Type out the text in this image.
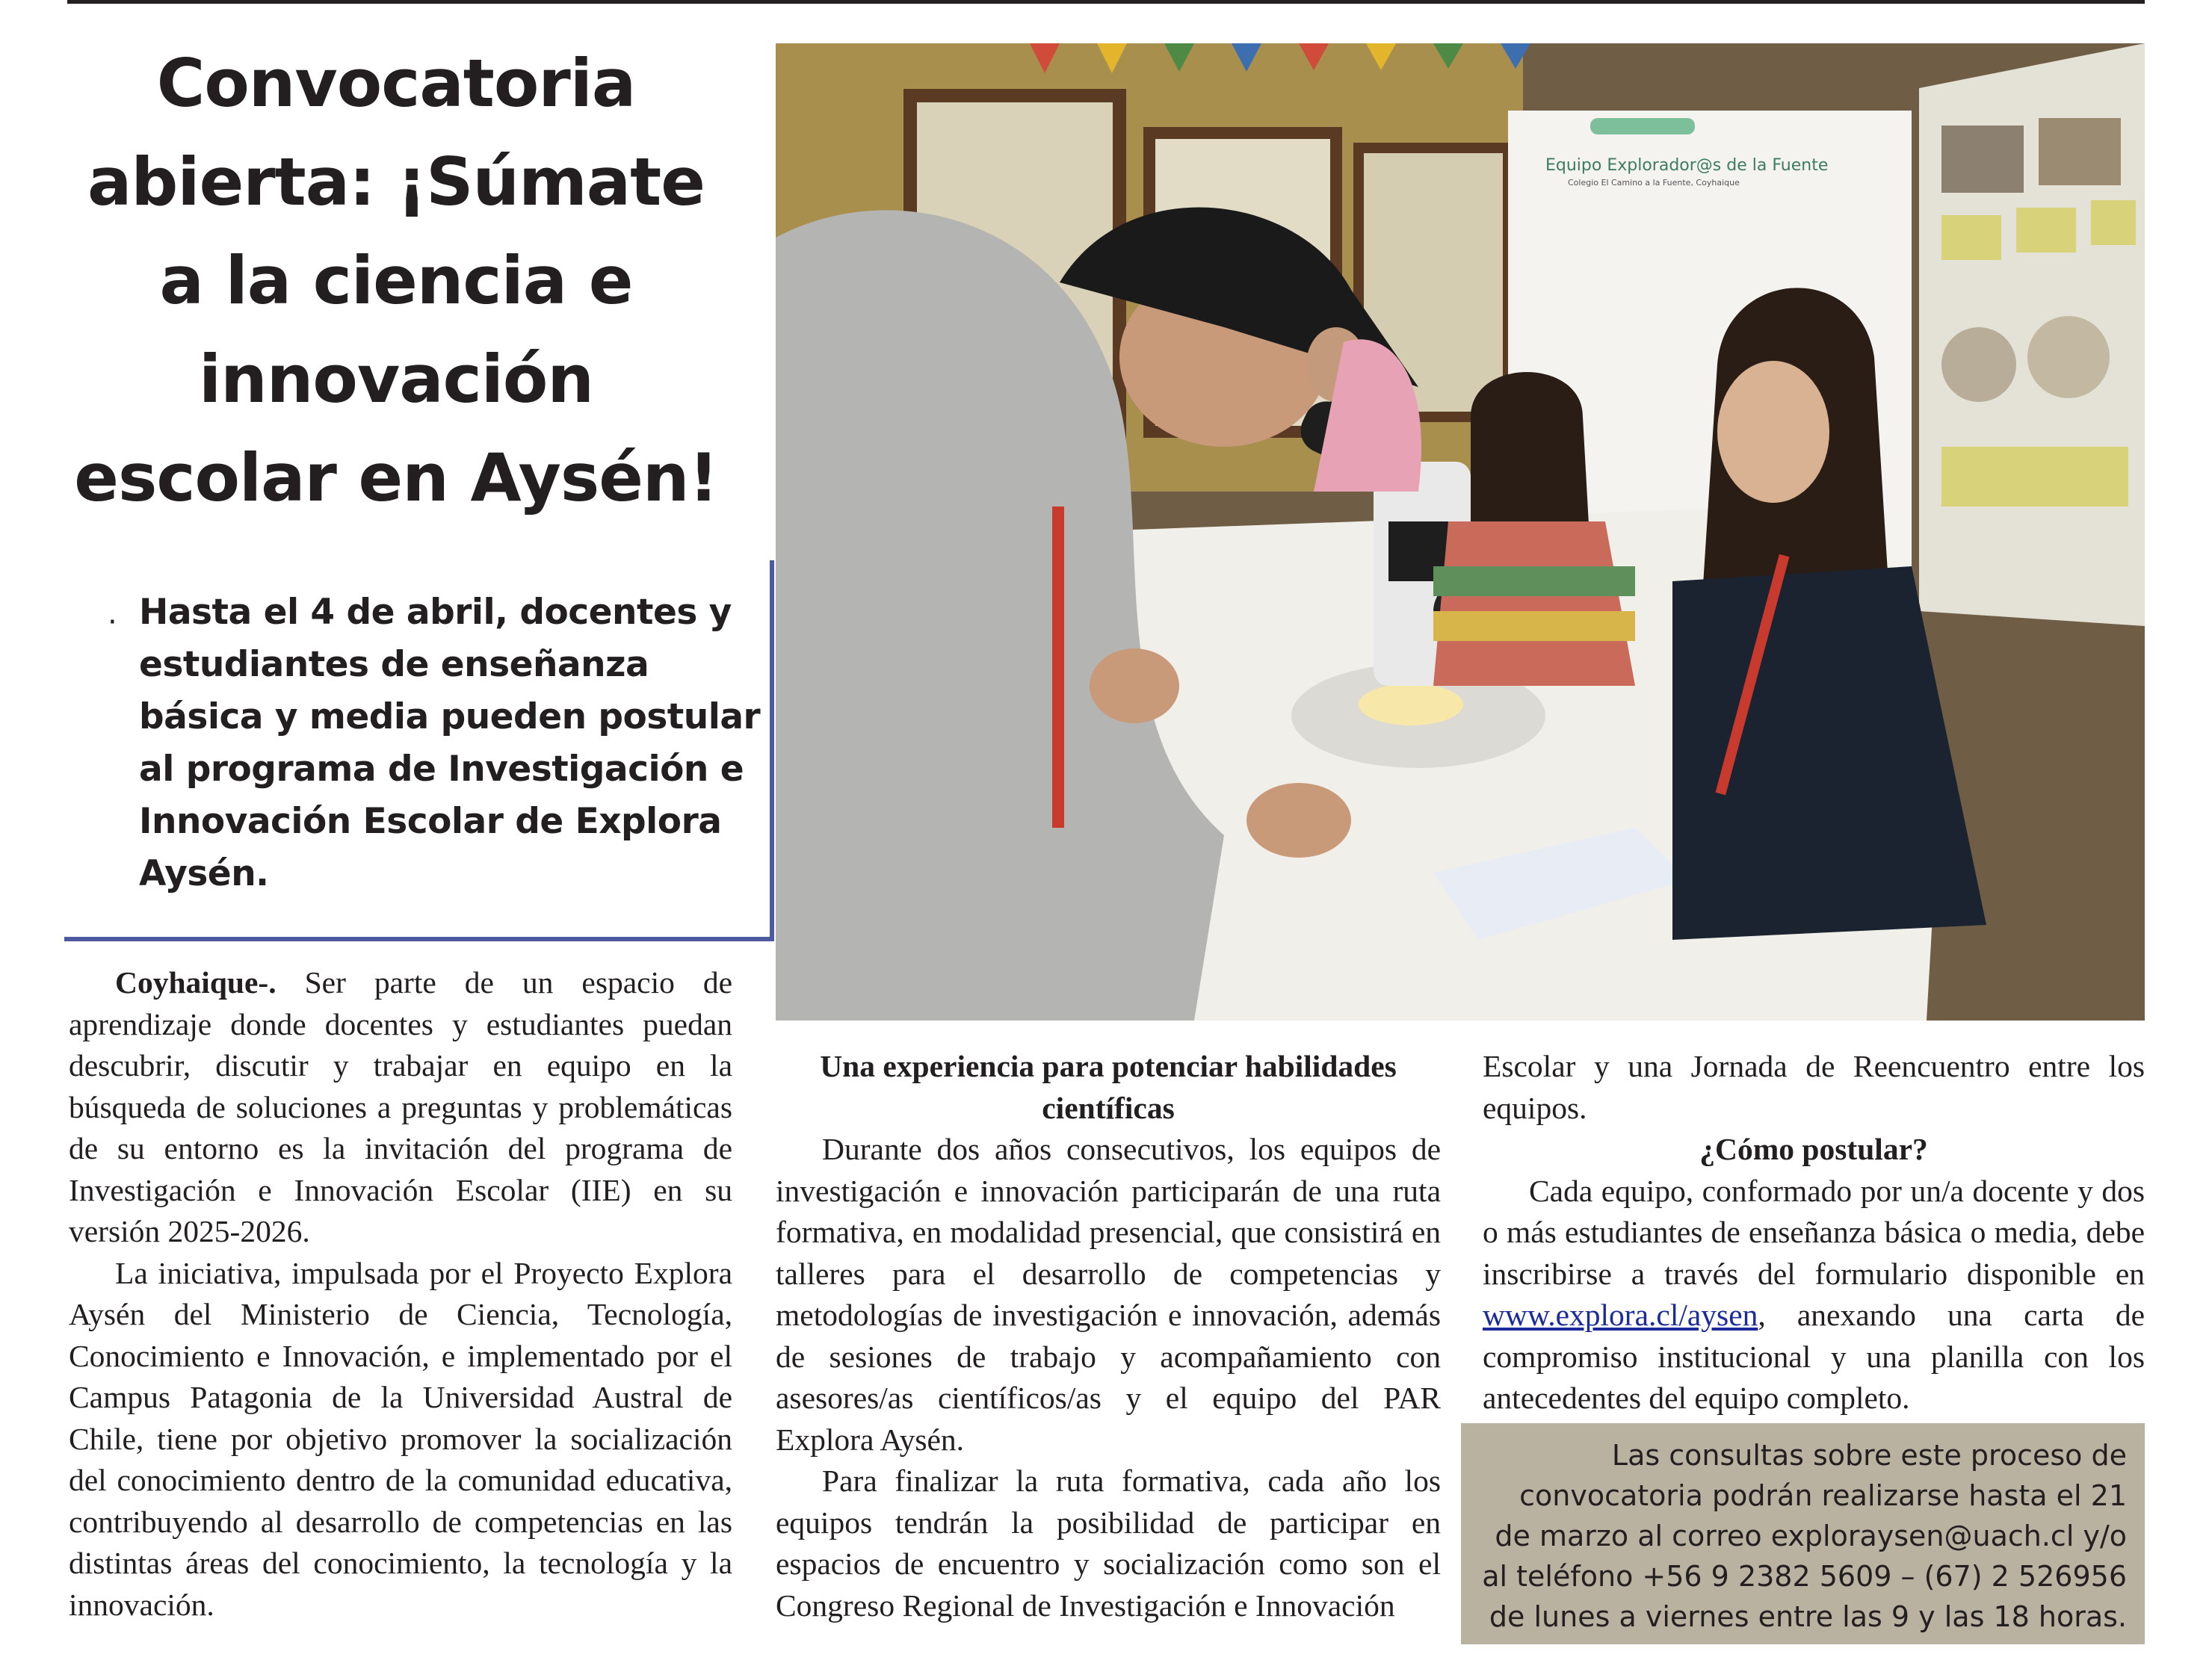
Convocatoria abierta: ¡Súmate a la ciencia e innovación escolar en Aysén!
· Hasta el 4 de abril, docentes y estudiantes de enseñanza básica y media pueden postular al programa de Investigación e Innovación Escolar de Explora Aysén.
Equipo Explorador@s de la Fuente
Colegio El Camino a la Fuente, Coyhaique

Coyhaique-. Ser parte de un espacio de aprendizaje donde docentes y estudiantes puedan descubrir, discutir y trabajar en equipo en la búsqueda de soluciones a preguntas y problemáticas de su entorno es la invitación del programa de Investigación e Innovación Escolar (IIE) en su versión 2025-2026.

La iniciativa, impulsada por el Proyecto Explora Aysén del Ministerio de Ciencia, Tecnología, Conocimiento e Innovación, e implementado por el Campus Patagonia de la Universidad Austral de Chile, tiene por objetivo promover la socialización del conocimiento dentro de la comunidad educativa, contribuyendo al desarrollo de competencias en las distintas áreas del conocimiento, la tecnología y la innovación.

Una experiencia para potenciar habilidades científicas

Durante dos años consecutivos, los equipos de investigación e innovación participarán de una ruta formativa, en modalidad presencial, que consistirá en talleres para el desarrollo de competencias y metodologías de investigación e innovación, además de sesiones de trabajo y acompañamiento con asesores/as científicos/as y el equipo del PAR Explora Aysén.

Para finalizar la ruta formativa, cada año los equipos tendrán la posibilidad de participar en espacios de encuentro y socialización como son el Congreso Regional de Investigación e Innovación

Escolar y una Jornada de Reencuentro entre los equipos.

¿Cómo postular?

Cada equipo, conformado por un/a docente y dos o más estudiantes de enseñanza básica o media, debe inscribirse a través del formulario disponible en www.explora.cl/aysen, anexando una carta de compromiso institucional y una planilla con los antecedentes del equipo completo.

Las consultas sobre este proceso de convocatoria podrán realizarse hasta el 21 de marzo al correo exploraysen@uach.cl y/o al teléfono +56 9 2382 5609 – (67) 2 526956 de lunes a viernes entre las 9 y las 18 horas.
